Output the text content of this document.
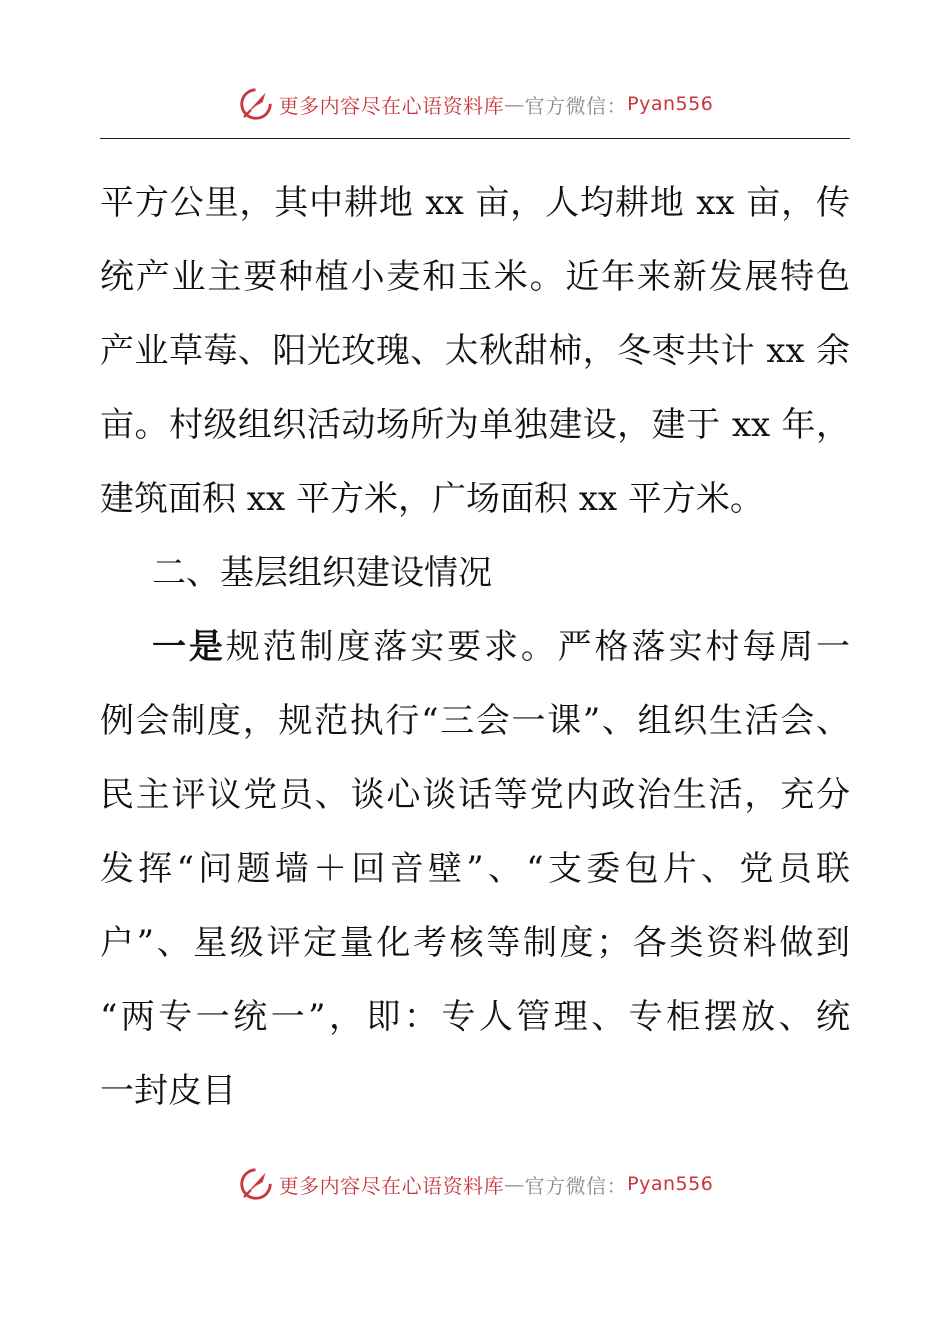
更多内容尽在心语资料库 — 官方微信： Pyan556
平方公里，其中耕地 xx 亩，人均耕地 xx 亩，传
统产业主要种植小麦和玉米。近年来新发展特色
产业草莓、阳光玫瑰、太秋甜柿，冬枣共计 xx 余
亩。村级组织活动场所为单独建设，建于 xx 年，
建筑面积 xx 平方米，广场面积 xx 平方米。
二、基层组织建设情况
一是规范制度落实要求。严格落实村每周一
例会制度，规范执行“三会一课”、组织生活会、
民主评议党员、谈心谈话等党内政治生活，充分
发挥“问题墙＋回音壁”、“支委包片、党员联
户”、星级评定量化考核等制度；各类资料做到
“两专一统一”，即：专人管理、专柜摆放、统
一封皮目
更多内容尽在心语资料库 — 官方微信： Pyan556
